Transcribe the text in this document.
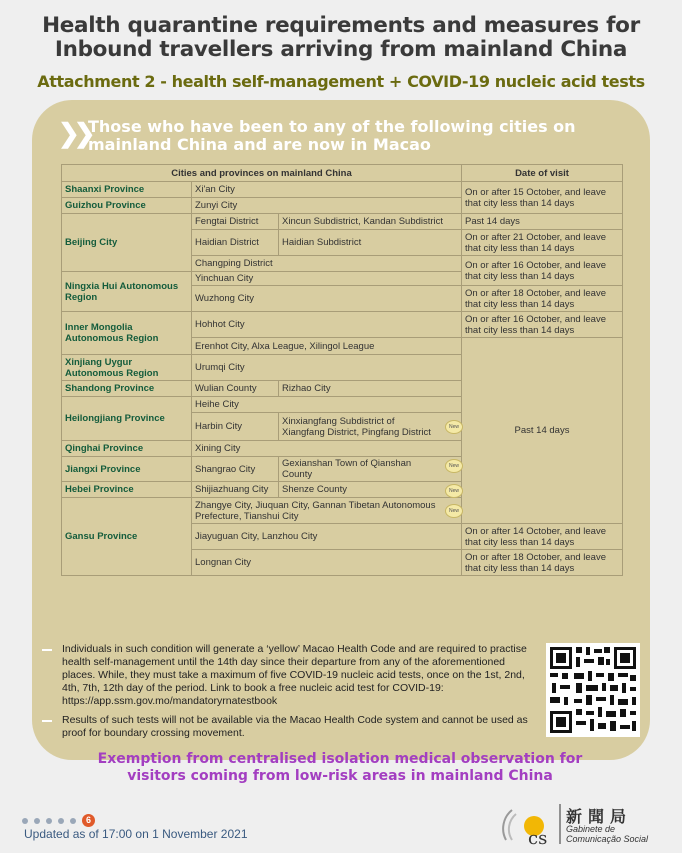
Health quarantine requirements and measures for
Inbound travellers arriving from mainland China
Attachment 2 - health self-management + COVID-19 nucleic acid tests
❯❯
Those who have been to any of the following cities on
mainland China and are now in Macao
Cities and provinces on mainland China			Date of visit
Shaanxi Province	Xi'an City		On or after 15 October, and leave that city less than 14 days
Guizhou Province	Zunyi City		
Beijing City	Fengtai District	Xincun Subdistrict, Kandan Subdistrict	Past 14 days
	Haidian District	Haidian Subdistrict	On or after 21 October, and leave that city less than 14 days
	Changping District		On or after 16 October, and leave that city less than 14 days
Ningxia Hui Autonomous Region	Yinchuan City		
	Wuzhong City		On or after 18 October, and leave that city less than 14 days
Inner Mongolia Autonomous Region	Hohhot City		On or after 16 October, and leave that city less than 14 days
	Erenhot City, Alxa League, Xilingol League		Past 14 days
Xinjiang Uygur Autonomous Region	Urumqi City		
Shandong Province	Wulian County	Rizhao City	
Heilongjiang Province	Heihe City		
	Harbin City	Xinxiangfang Subdistrict of Xiangfang District, Pingfang District New	

Qinghai Province	Xining City		
Jiangxi Province	Shangrao City	Gexianshan Town of Qianshan County
New	

Hebei Province	Shijiazhuang City	Shenze County New	

Gansu Province	Zhangye City, Jiuquan City, Gannan Tibetan Autonomous Prefecture, Tianshui City New		

	Jiayuguan City, Lanzhou City		On or after 14 October, and leave that city less than 14 days
	Longnan City		On or after 18 October, and leave that city less than 14 days
Individuals in such condition will generate a ‘yellow’ Macao Health Code and are required to practise health self-management until the 14th day since their departure from any of the aforementioned places. While, they must take a maximum of five COVID-19 nucleic acid tests, once on the 1st, 2nd, 4th, 7th, 12th day of the period. Link to book a free nucleic acid test for COVID-19: https://app.ssm.gov.mo/mandatoryrnatestbook
Results of such tests will not be available via the Macao Health Code system and cannot be used as proof for boundary crossing movement.
Exemption from centralised isolation medical observation for
visitors coming from low-risk areas in mainland China
6
Updated as of 17:00 on 1 November 2021	cs
新聞局
Gabinete de
Comunicação Social
